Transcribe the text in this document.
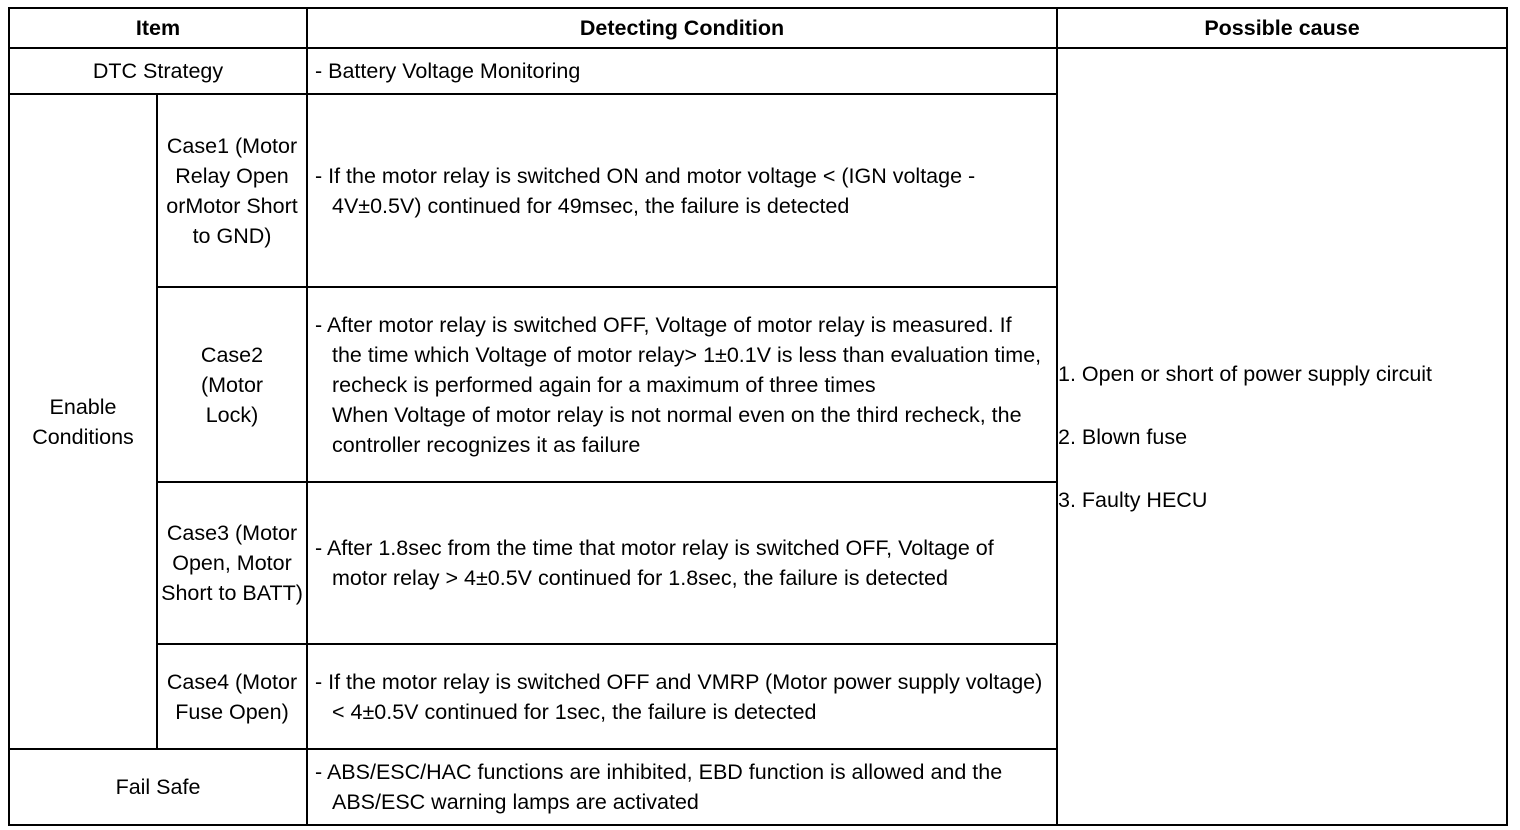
Item		Detecting Condition	Possible cause
DTC Strategy		- Battery Voltage Monitoring	1. Open or short of power supply circuit
2. Blown fuse
3. Faulty HECU

Enable Conditions	Case1 (Motor Relay Open orMotor Short to GND)	- If the motor relay is switched ON and motor voltage < (IGN voltage - 4V±0.5V) continued for 49msec, the failure is detected	

	Case2 (Motor Lock)	- After motor relay is switched OFF, Voltage of motor relay is measured. If the time which Voltage of motor relay> 1±0.1V is less than evaluation time, recheck is performed again for a maximum of three times
When Voltage of motor relay is not normal even on the third recheck, the controller recognizes it as failure	

	Case3 (Motor Open, Motor Short to BATT)	- After 1.8sec from the time that motor relay is switched OFF, Voltage of motor relay > 4±0.5V continued for 1.8sec, the failure is detected	

	Case4 (Motor Fuse Open)	- If the motor relay is switched OFF and VMRP (Motor power supply voltage) < 4±0.5V continued for 1sec, the failure is detected	

Fail Safe		- ABS/ESC/HAC functions are inhibited, EBD function is allowed and the ABS/ESC warning lamps are activated	
